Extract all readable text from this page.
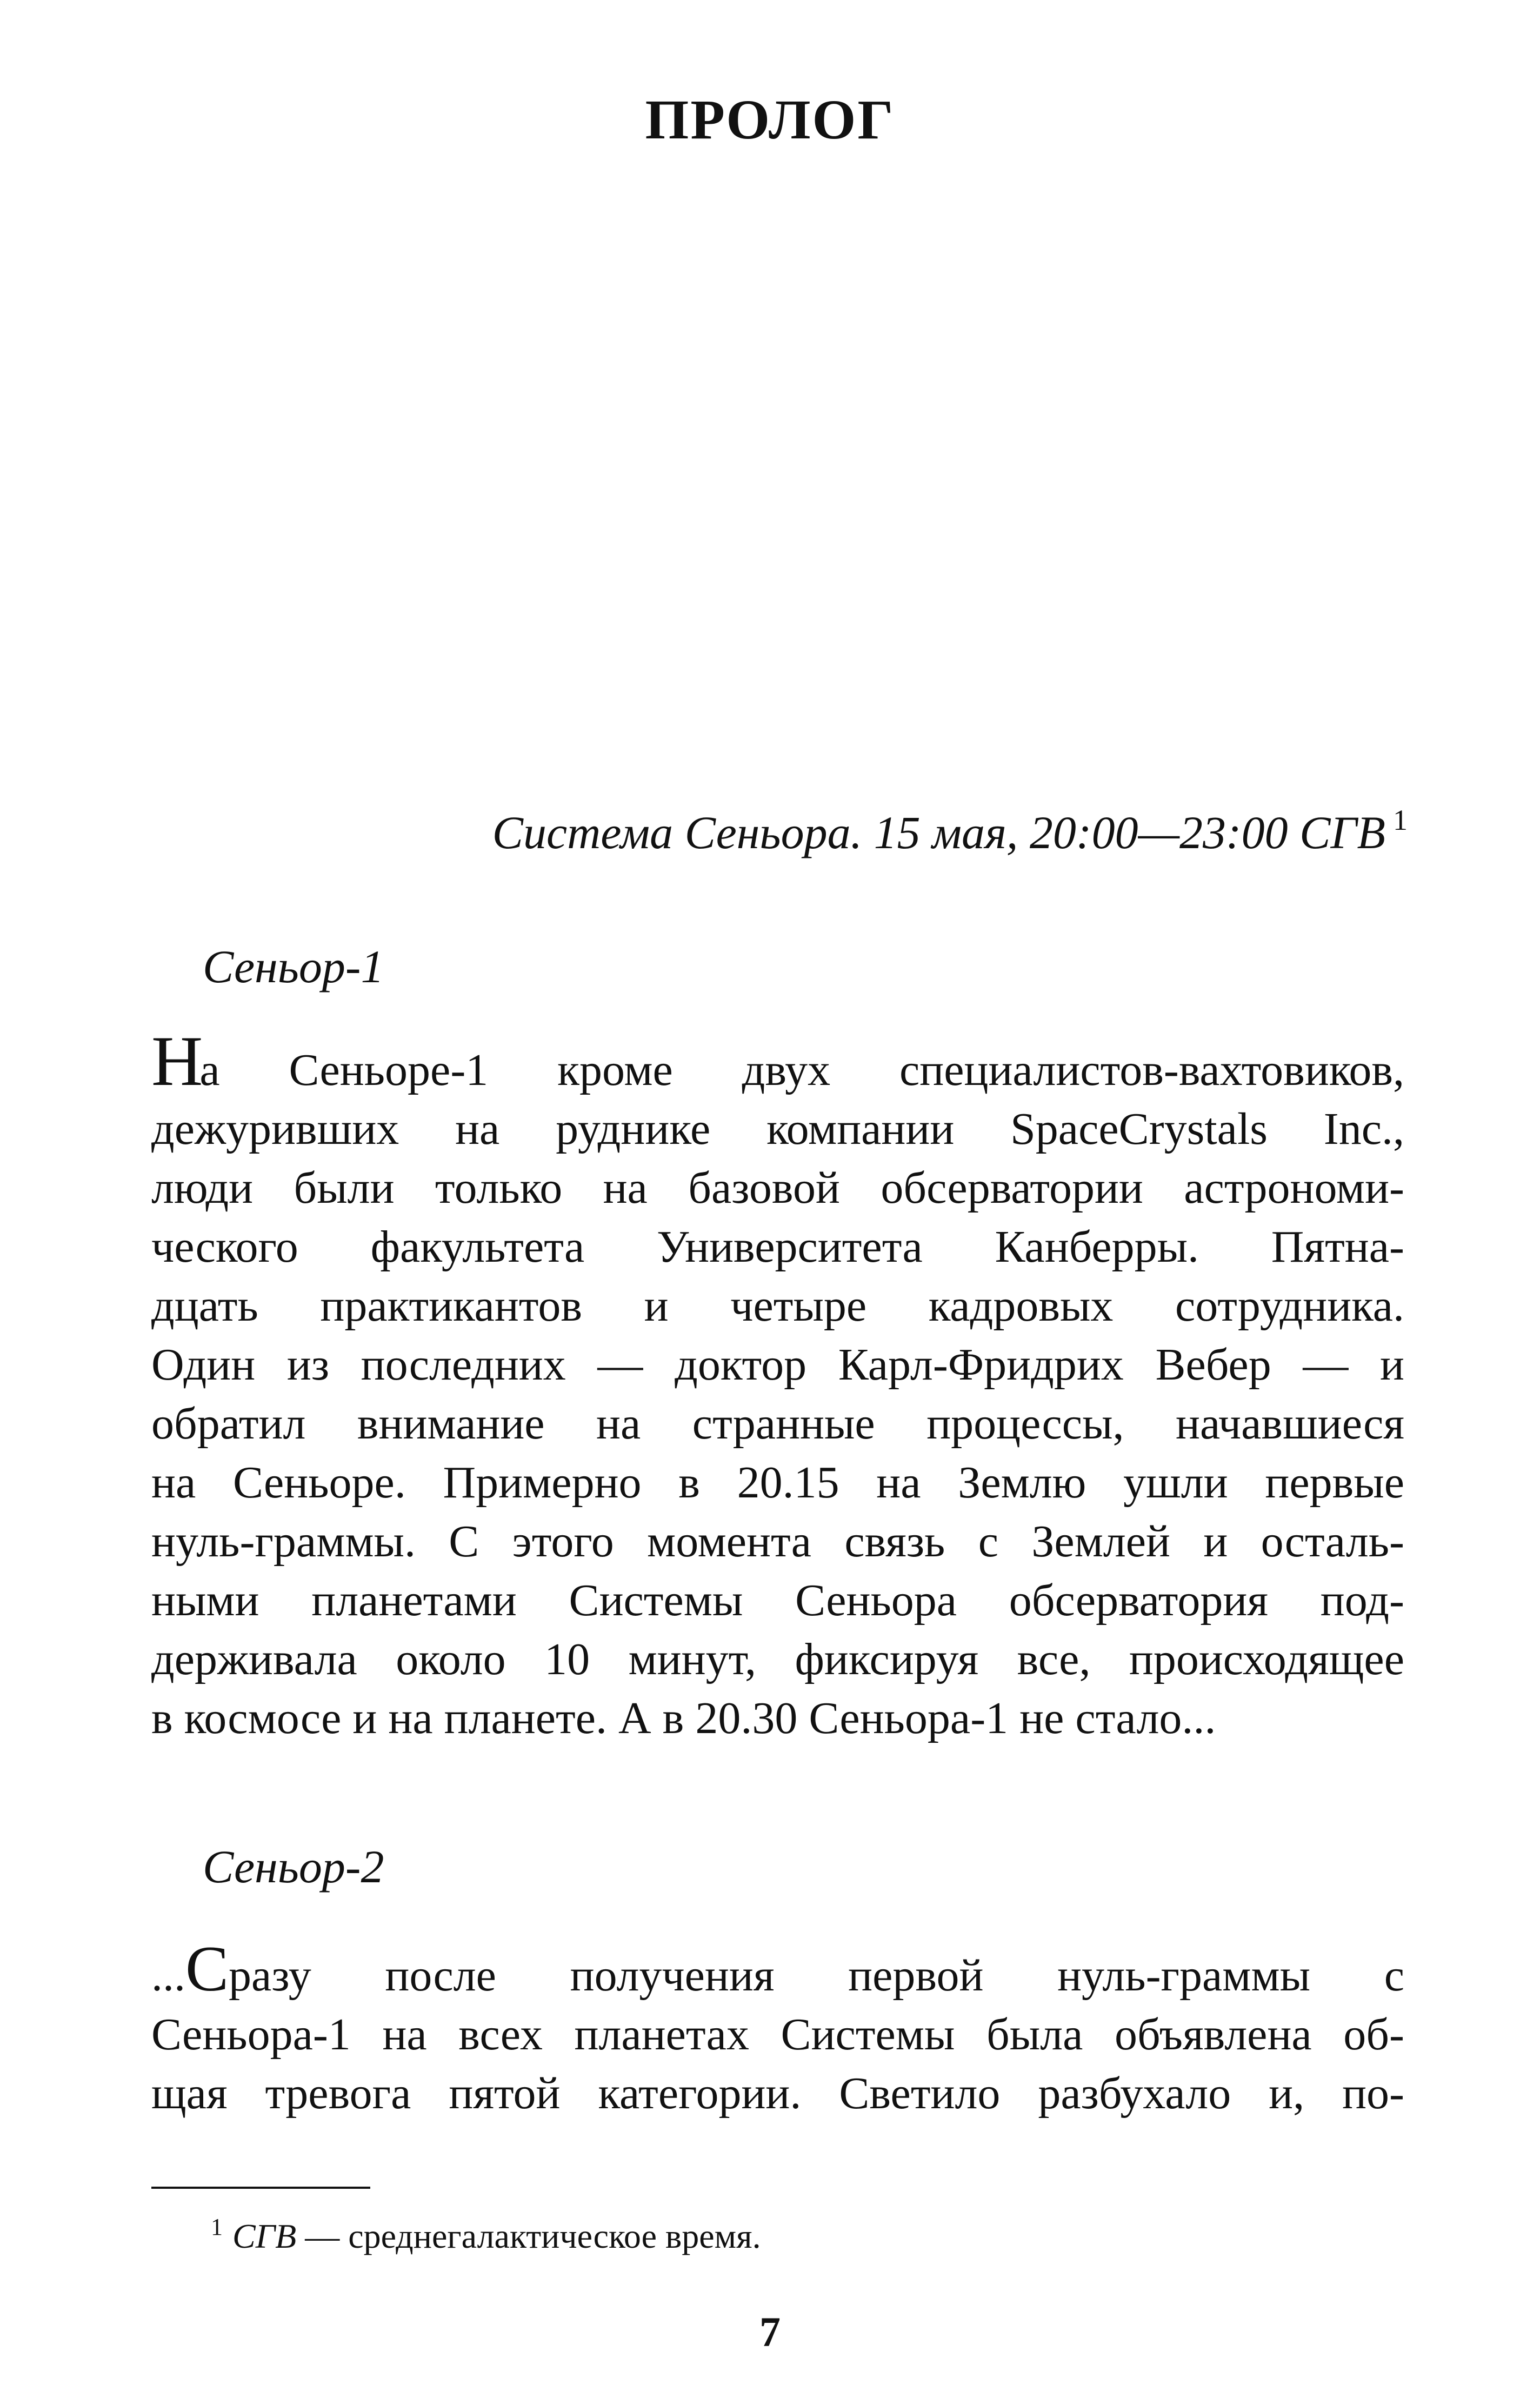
ПРОЛОГ
Система Сеньора. 15 мая, 20:00—23:00 СГВ $^1$
Сеньор-1
На Сеньоре-1 кроме двух специалистов-вахтовиков,
дежуривших на руднике компании SpaceCrystals Inc.,
люди были только на базовой обсерватории астрономи-
ческого факультета Университета Канберры. Пятна-
дцать практикантов и четыре кадровых сотрудника.
Один из последних — доктор Карл-Фридрих Вебер — и
обратил внимание на странные процессы, начавшиеся
на Сеньоре. Примерно в 20.15 на Землю ушли первые
нуль-граммы. С этого момента связь с Землей и осталь-
ными планетами Системы Сеньора обсерватория под-
держивала около 10 минут, фиксируя все, происходящее
в космосе и на планете. А в 20.30 Сеньора-1 не стало...
Сеньор-2
...Сразу после получения первой нуль-граммы с
Сеньора-1 на всех планетах Системы была объявлена об-
щая тревога пятой категории. Светило разбухало и, по-
$^1$ СГВ — среднегалактическое время.
7
